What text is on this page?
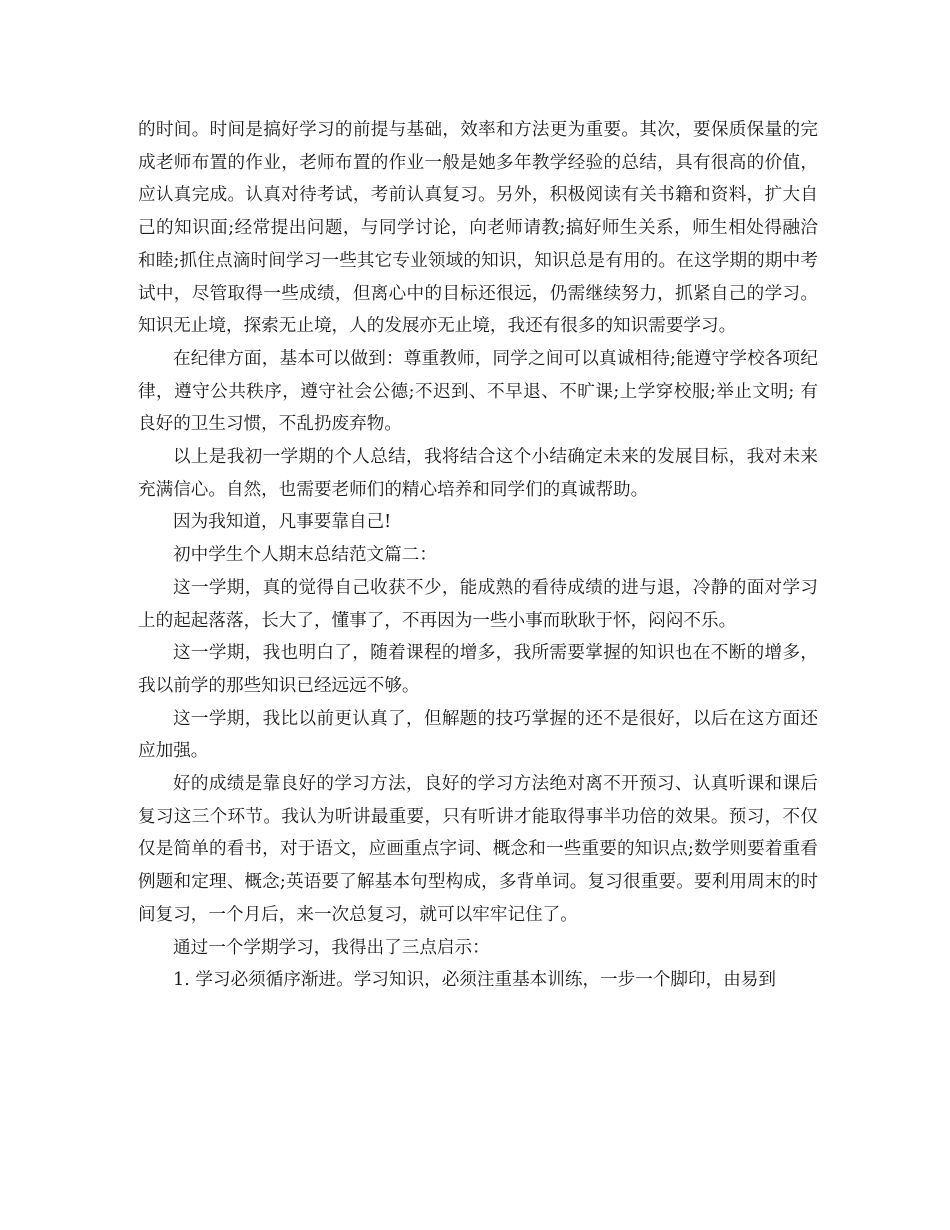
的时间。时间是搞好学习的前提与基础，效率和方法更为重要。其次，要保质保量的完成老师布置的作业，老师布置的作业一般是她多年教学经验的总结，具有很高的价值，应认真完成。认真对待考试，考前认真复习。另外，积极阅读有关书籍和资料，扩大自己的知识面;经常提出问题，与同学讨论，向老师请教;搞好师生关系，师生相处得融洽和睦;抓住点滴时间学习一些其它专业领域的知识，知识总是有用的。在这学期的期中考试中，尽管取得一些成绩，但离心中的目标还很远，仍需继续努力，抓紧自己的学习。知识无止境，探索无止境，人的发展亦无止境，我还有很多的知识需要学习。

在纪律方面，基本可以做到：尊重教师，同学之间可以真诚相待;能遵守学校各项纪律，遵守公共秩序，遵守社会公德;不迟到、不早退、不旷课;上学穿校服;举止文明; 有良好的卫生习惯，不乱扔废弃物。

以上是我初一学期的个人总结，我将结合这个小结确定未来的发展目标，我对未来充满信心。自然，也需要老师们的精心培养和同学们的真诚帮助。

因为我知道，凡事要靠自己!

初中学生个人期末总结范文篇二：

这一学期，真的觉得自己收获不少，能成熟的看待成绩的进与退，冷静的面对学习上的起起落落，长大了，懂事了，不再因为一些小事而耿耿于怀，闷闷不乐。

这一学期，我也明白了，随着课程的增多，我所需要掌握的知识也在不断的增多，我以前学的那些知识已经远远不够。

这一学期，我比以前更认真了，但解题的技巧掌握的还不是很好，以后在这方面还应加强。

好的成绩是靠良好的学习方法，良好的学习方法绝对离不开预习、认真听课和课后复习这三个环节。我认为听讲最重要，只有听讲才能取得事半功倍的效果。预习，不仅仅是简单的看书，对于语文，应画重点字词、概念和一些重要的知识点;数学则要着重看例题和定理、概念;英语要了解基本句型构成，多背单词。复习很重要。要利用周末的时间复习，一个月后，来一次总复习，就可以牢牢记住了。

通过一个学期学习，我得出了三点启示：

1. 学习必须循序渐进。学习知识，必须注重基本训练，一步一个脚印，由易到
